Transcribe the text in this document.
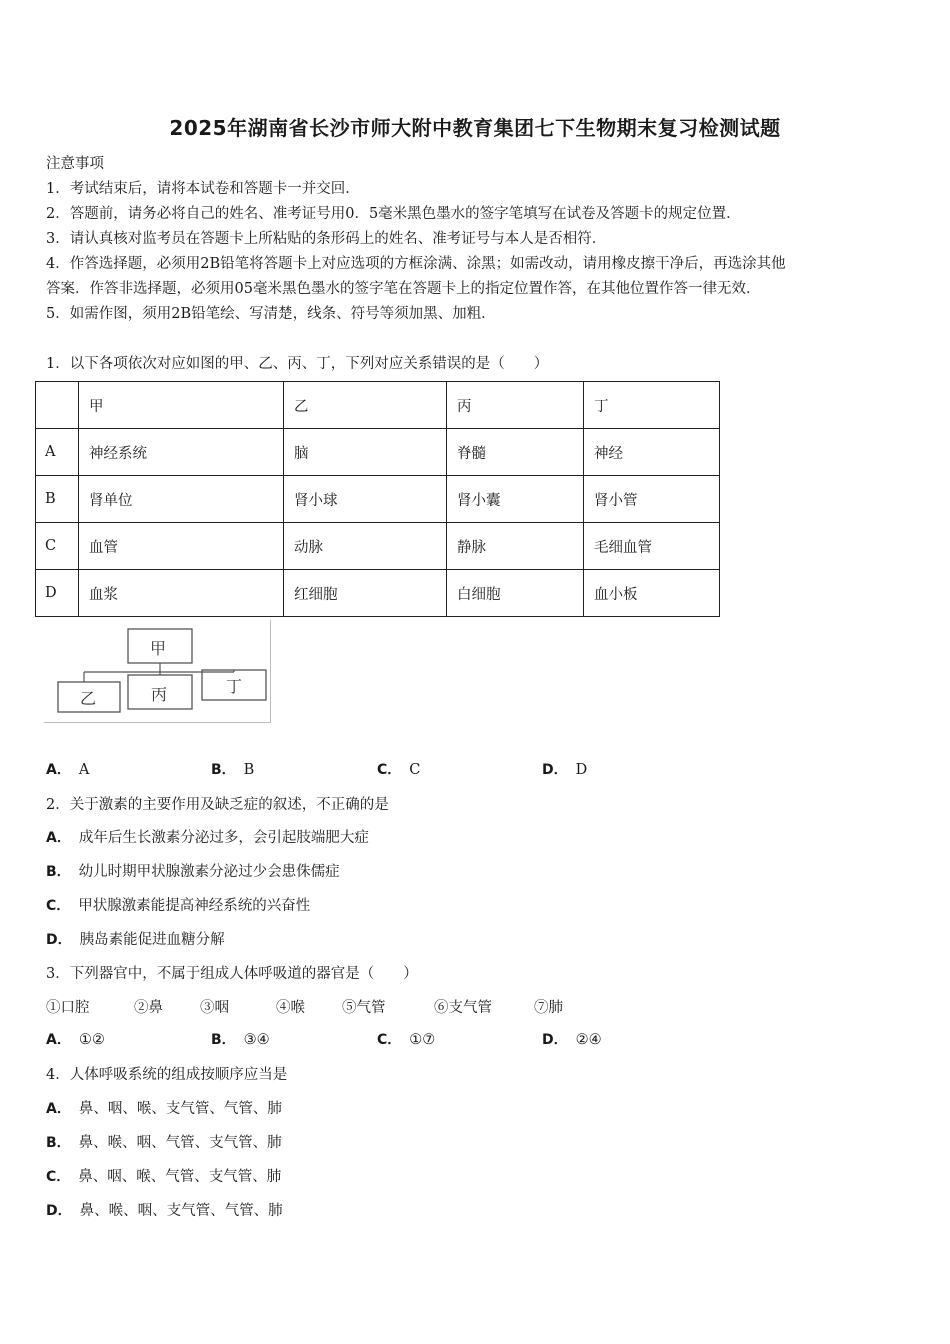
2025年湖南省长沙市师大附中教育集团七下生物期末复习检测试题
注意事项
1．考试结束后，请将本试卷和答题卡一并交回．
2．答题前，请务必将自己的姓名、准考证号用0．5毫米黑色墨水的签字笔填写在试卷及答题卡的规定位置．
3．请认真核对监考员在答题卡上所粘贴的条形码上的姓名、准考证号与本人是否相符．
4．作答选择题，必须用2B铅笔将答题卡上对应选项的方框涂满、涂黑；如需改动，请用橡皮擦干净后，再选涂其他
答案．作答非选择题，必须用05毫米黑色墨水的签字笔在答题卡上的指定位置作答，在其他位置作答一律无效．
5．如需作图，须用2B铅笔绘、写清楚，线条、符号等须加黑、加粗．
1．以下各项依次对应如图的甲、乙、丙、丁，下列对应关系错误的是（　　）
	甲	乙	丙	丁
A	神经系统	脑	脊髓	神经
B	肾单位	肾小球	肾小囊	肾小管
C	血管	动脉	静脉	毛细血管
D	血浆	红细胞	白细胞	血小板
甲
乙	丙	丁
A． A	B． B	C． C	D． D
2．关于激素的主要作用及缺乏症的叙述，不正确的是
A． 成年后生长激素分泌过多，会引起肢端肥大症
B． 幼儿时期甲状腺激素分泌过少会患侏儒症
C． 甲状腺激素能提高神经系统的兴奋性
D． 胰岛素能促进血糖分解
3．下列器官中，不属于组成人体呼吸道的器官是（　　）
①口腔	②鼻	③咽	④喉	⑤气管	⑥支气管	⑦肺
A． ①②	B． ③④	C． ①⑦	D． ②④
4．人体呼吸系统的组成按顺序应当是
A． 鼻、咽、喉、支气管、气管、肺
B． 鼻、喉、咽、气管、支气管、肺
C． 鼻、咽、喉、气管、支气管、肺
D． 鼻、喉、咽、支气管、气管、肺
